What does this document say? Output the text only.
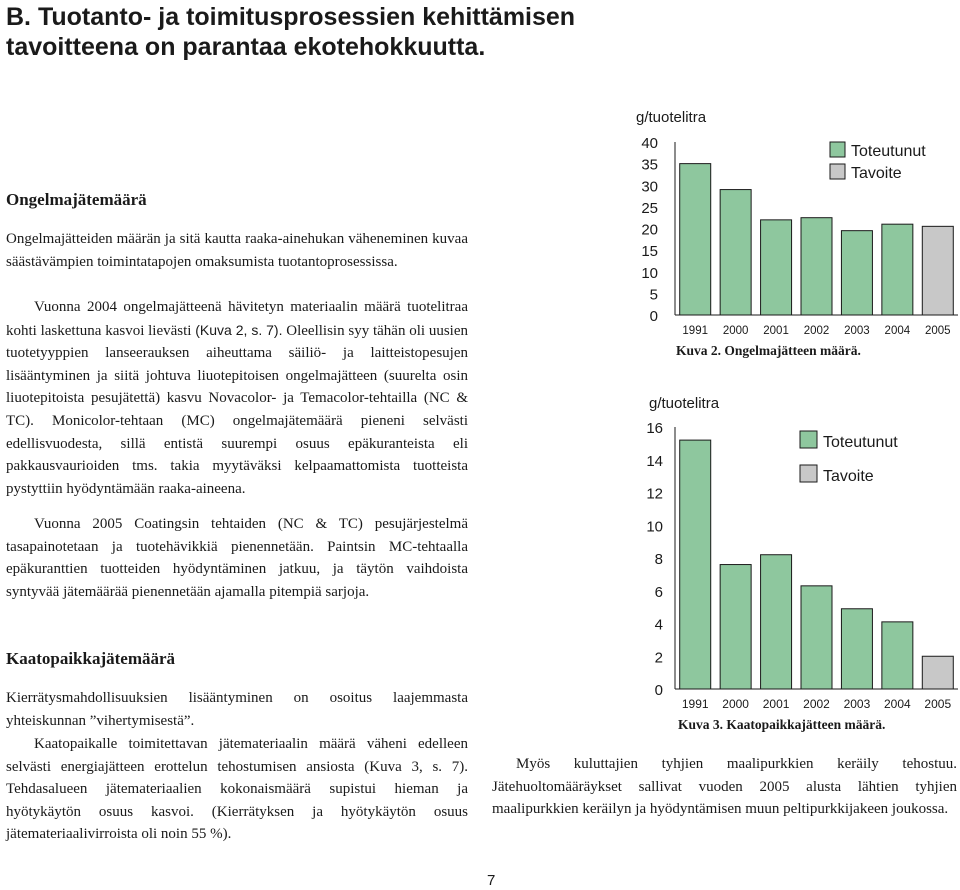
B. Tuotanto- ja toimitusprosessien kehittämisen
tavoitteena on parantaa ekotehokkuutta.
Ongelmajätemäärä

Ongelmajätteiden määrän ja sitä kautta raaka-ainehukan väheneminen kuvaa säästävämpien toimintatapojen omaksumista tuotantoprosessissa.

Vuonna 2004 ongelmajätteenä hävitetyn materiaalin määrä tuotelitraa kohti laskettuna kasvoi lievästi (Kuva 2, s. 7). Oleellisin syy tähän oli uusien tuotetyyppien lanseerauksen aiheuttama säiliö- ja laitteistopesujen lisääntyminen ja siitä johtuva liuotepitoisen ongelmajätteen (suurelta osin liuotepitoista pesujätettä) kasvu Novacolor- ja Temacolor-tehtailla (NC & TC). Monicolor-tehtaan (MC) ongelmajätemäärä pieneni selvästi edellisvuodesta, sillä entistä suurempi osuus epäkuranteista eli pakkausvaurioiden tms. takia myytäväksi kelpaamattomista tuotteista pystyttiin hyödyntämään raaka-aineena.

Vuonna 2005 Coatingsin tehtaiden (NC & TC) pesujärjestelmä tasapainotetaan ja tuotehävikkiä pienennetään. Paintsin MC-tehtaalla epäkuranttien tuotteiden hyödyntäminen jatkuu, ja täytön vaihdoista syntyvää jätemäärää pienennetään ajamalla pitempiä sarjoja.

Kaatopaikkajätemäärä

Kierrätysmahdollisuuksien lisääntyminen on osoitus laajemmasta yhteiskunnan ”vihertymisestä”.

Kaatopaikalle toimitettavan jätemateriaalin määrä väheni edelleen selvästi energiajätteen erottelun tehostumisen ansiosta (Kuva 3, s. 7). Tehdasalueen jätemateriaalien kokonaismäärä supistui hieman ja hyötykäytön osuus kasvoi. (Kierrätyksen ja hyötykäytön osuus jätemateriaalivirroista oli noin 55 %).

g/tuotelitra
0
5
10
15
20
25
30
35
40
1991 2000 2001 2002 2003 2004 2005
Toteutunut
Tavoite
Kuva 2. Ongelmajätteen määrä.
g/tuotelitra
0
2
4
6
8
10
12
14
16
1991 2000 2001 2002 2003 2004 2005
Toteutunut
Tavoite
Kuva 3. Kaatopaikkajätteen määrä.

Myös kuluttajien tyhjien maalipurkkien keräily tehostuu. Jätehuoltomääräykset sallivat vuoden 2005 alusta lähtien tyhjien maalipurkkien keräilyn ja hyödyntämisen muun peltipurkkijakeen joukossa.

7
